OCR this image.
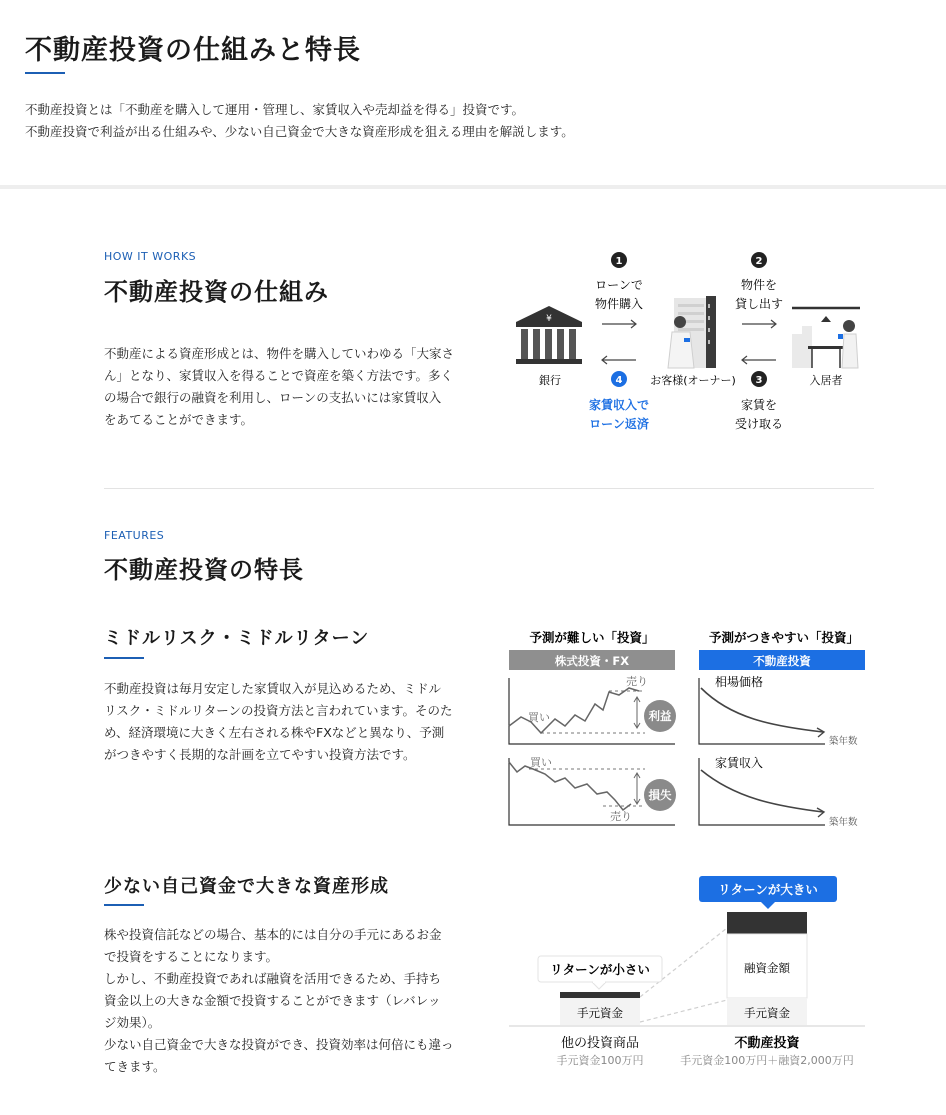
不動産投資の仕組みと特長

不動産投資とは「不動産を購入して運用・管理し、家賃収入や売却益を得る」投資です。
不動産投資で利益が出る仕組みや、少ない自己資金で大きな資産形成を狙える理由を解説します。

HOW IT WORKS
不動産投資の仕組み

不動産による資産形成とは、物件を購入していわゆる「大家さ
ん」となり、家賃収入を得ることで資産を築く方法です。多く
の場合で銀行の融資を利用し、ローンの支払いには家賃収入
をあてることができます。

¥
銀行
1
ローンで
物件購入
4
家賃収入で
ローン返済
お客様(オーナー)
2
物件を
貸し出す
3
家賃を
受け取る
入居者
FEATURES
不動産投資の特長
ミドルリスク・ミドルリターン

不動産投資は毎月安定した家賃収入が見込めるため、ミドル
リスク・ミドルリターンの投資方法と言われています。そのた
め、経済環境に大きく左右される株やFXなどと異なり、予測
がつきやすく長期的な計画を立てやすい投資方法です。

予測が難しい「投資」
株式投資・FX
予測がつきやすい「投資」
不動産投資
利益
買い
売り
損失
買い
売り
相場価格
築年数
家賃収入
築年数
少ない自己資金で大きな資産形成

株や投資信託などの場合、基本的には自分の手元にあるお金
で投資をすることになります。
しかし、不動産投資であれば融資を活用できるため、手持ち
資金以上の大きな金額で投資することができます（レバレッ
ジ効果）。
少ない自己資金で大きな投資ができ、投資効率は何倍にも違っ
てきます。

リターンが大きい
リターンが小さい
手元資金
融資金額
手元資金
他の投資商品
手元資金100万円
不動産投資
手元資金100万円＋融資2,000万円
